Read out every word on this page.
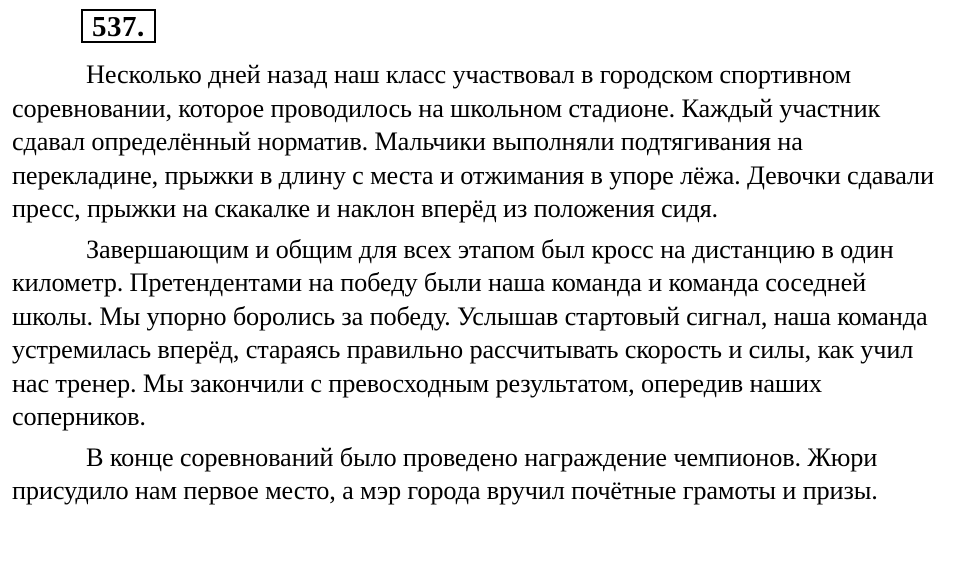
537.

Несколько дней назад наш класс участвовал в городском спортивном соревновании, которое проводилось на школьном стадионе. Каждый участник сдавал определённый норматив. Мальчики выполняли подтягивания на перекладине, прыжки в длину с места и отжимания в упоре лёжа. Девочки сдавали пресс, прыжки на скакалке и наклон вперёд из положения сидя.

Завершающим и общим для всех этапом был кросс на дистанцию в один километр. Претендентами на победу были наша команда и команда соседней школы. Мы упорно боролись за победу. Услышав стартовый сигнал, наша команда устремилась вперёд, стараясь правильно рассчитывать скорость и силы, как учил нас тренер. Мы закончили с превосходным результатом, опередив наших соперников.

В конце соревнований было проведено награждение чемпионов. Жюри присудило нам первое место, а мэр города вручил почётные грамоты и призы.
